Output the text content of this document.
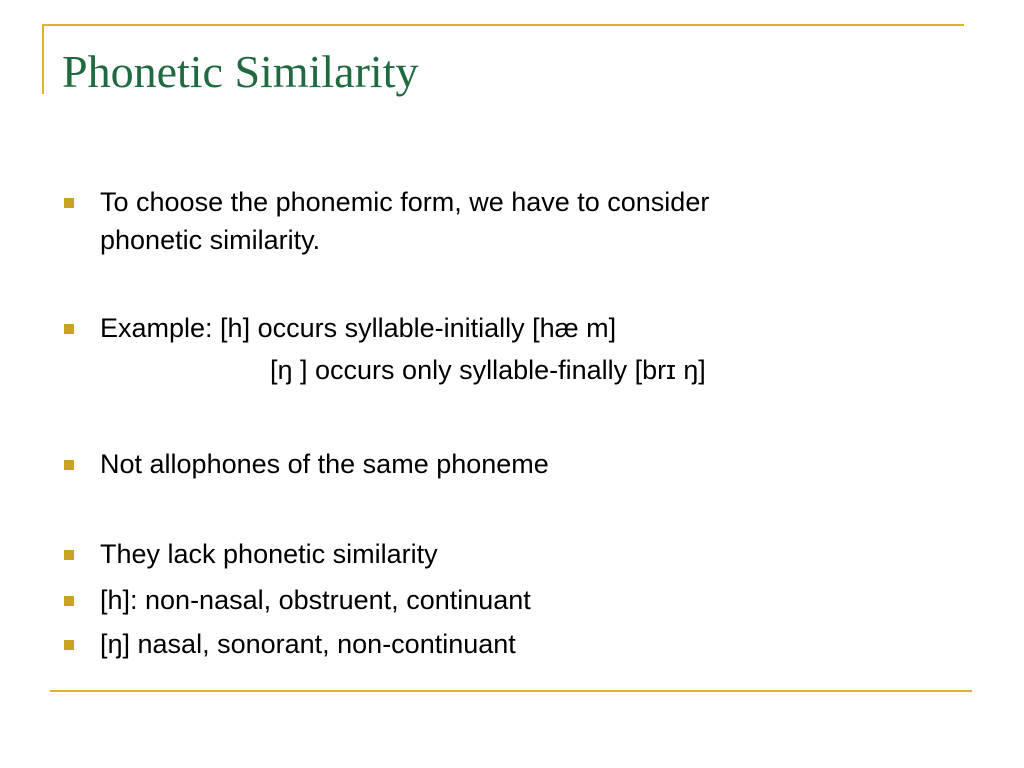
Phonetic Similarity
To choose the phonemic form, we have to consider
phonetic similarity.
Example: [h] occurs syllable-initially [hæ m]
[ŋ ] occurs only syllable-finally [brɪ ŋ]
Not allophones of the same phoneme
They lack phonetic similarity
[h]: non-nasal, obstruent, continuant
[ŋ] nasal, sonorant, non-continuant
